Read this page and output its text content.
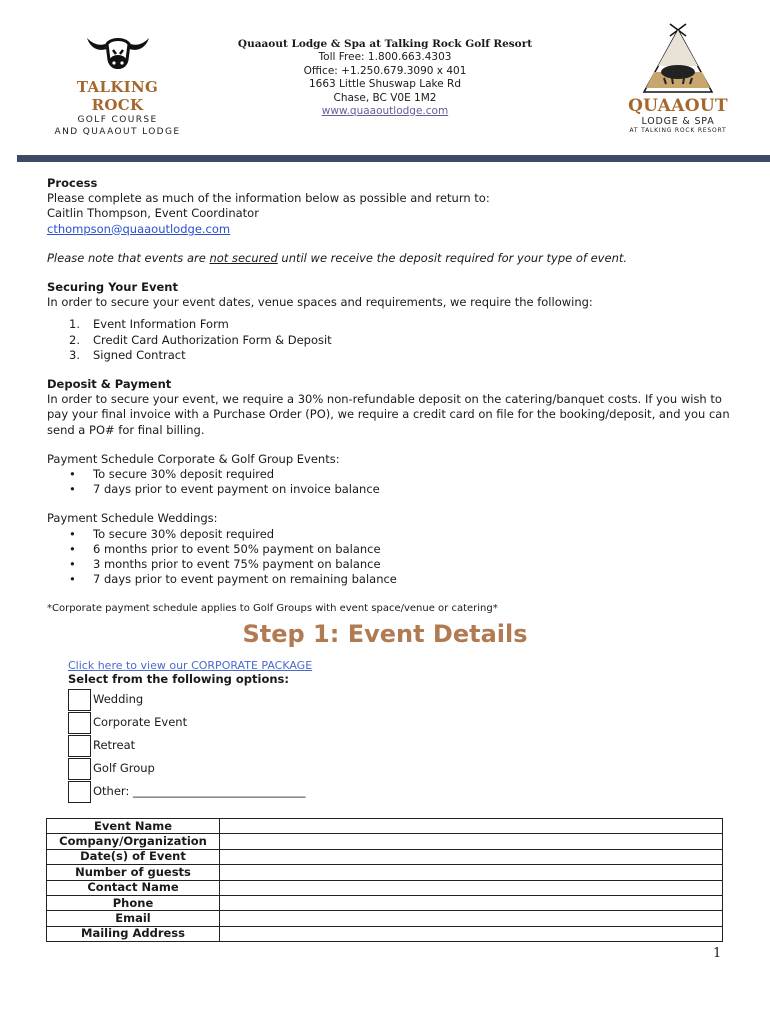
TALKING ROCK
GOLF COURSE
AND QUAAOUT LODGE
Quaaout Lodge & Spa at Talking Rock Golf Resort
Toll Free: 1.800.663.4303
Office: +1.250.679.3090 x 401
1663 Little Shuswap Lake Rd
Chase, BC V0E 1M2
www.quaaoutlodge.com	QUAAOUT
LODGE & SPA
AT TALKING ROCK RESORT
Process
Please complete as much of the information below as possible and return to:
Caitlin Thompson, Event Coordinator
cthompson@quaaoutlodge.com
Please note that events are not secured until we receive the deposit required for your type of event.
Securing Your Event
In order to secure your event dates, venue spaces and requirements, we require the following:
1. Event Information Form
2. Credit Card Authorization Form & Deposit
3. Signed Contract
Deposit & Payment
In order to secure your event, we require a 30% non-refundable deposit on the catering/banquet costs. If you wish to pay your final invoice with a Purchase Order (PO), we require a credit card on file for the booking/deposit, and you can send a PO# for final billing.
Payment Schedule Corporate & Golf Group Events:
• To secure 30% deposit required
• 7 days prior to event payment on invoice balance
Payment Schedule Weddings:
• To secure 30% deposit required
• 6 months prior to event 50% payment on balance
• 3 months prior to event 75% payment on balance
• 7 days prior to event payment on remaining balance
*Corporate payment schedule applies to Golf Groups with event space/venue or catering*
Step 1: Event Details
Click here to view our CORPORATE PACKAGE
Select from the following options:
Wedding
Corporate Event
Retreat
Golf Group
Other: ______________________________
Event Name	
Company/Organization	
Date(s) of Event	
Number of guests	
Contact Name	
Phone	
Email	
Mailing Address	
1
